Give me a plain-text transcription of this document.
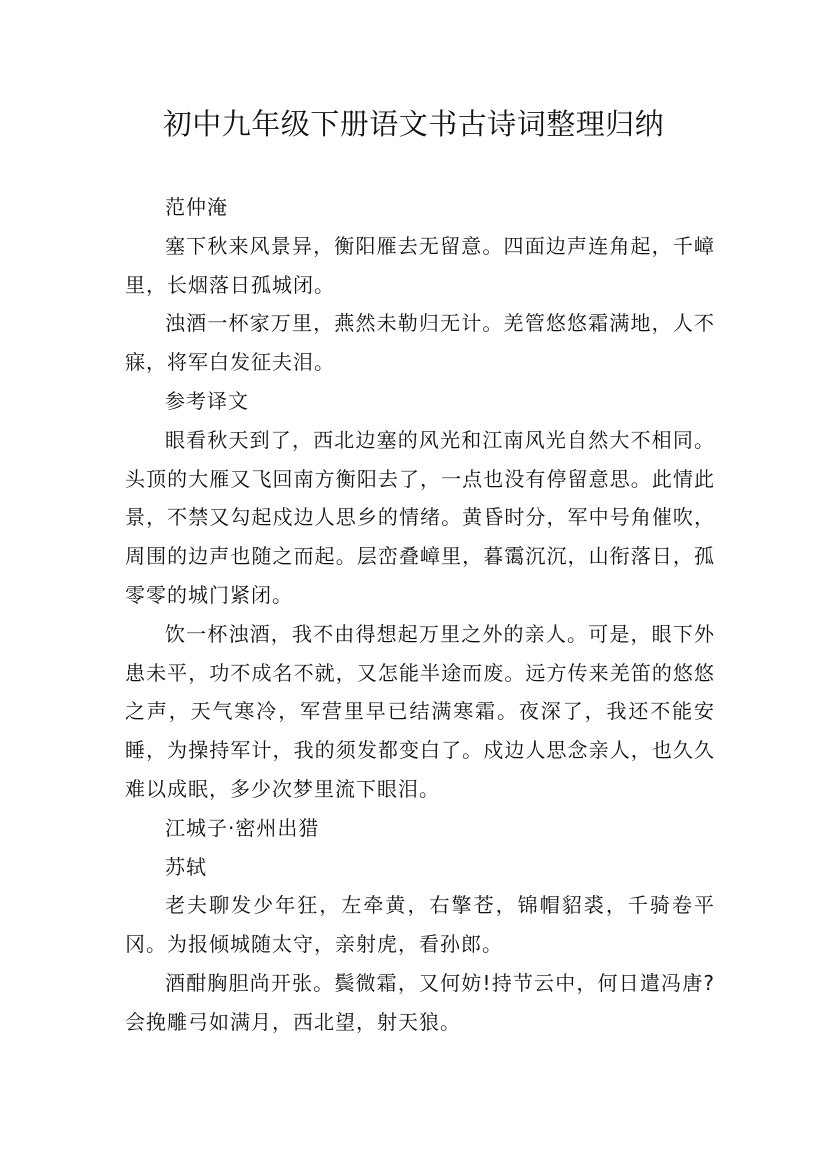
初中九年级下册语文书古诗词整理归纳

范仲淹

塞下秋来风景异，衡阳雁去无留意。四面边声连角起，千嶂里，长烟落日孤城闭。

浊酒一杯家万里，燕然未勒归无计。羌管悠悠霜满地，人不寐，将军白发征夫泪。

参考译文

眼看秋天到了，西北边塞的风光和江南风光自然大不相同。头顶的大雁又飞回南方衡阳去了，一点也没有停留意思。此情此景，不禁又勾起戍边人思乡的情绪。黄昏时分，军中号角催吹，周围的边声也随之而起。层峦叠嶂里，暮霭沉沉，山衔落日，孤零零的城门紧闭。

饮一杯浊酒，我不由得想起万里之外的亲人。可是，眼下外患未平，功不成名不就，又怎能半途而废。远方传来羌笛的悠悠之声，天气寒冷，军营里早已结满寒霜。夜深了，我还不能安睡，为操持军计，我的须发都变白了。戍边人思念亲人，也久久难以成眠，多少次梦里流下眼泪。

江城子·密州出猎

苏轼

老夫聊发少年狂，左牵黄，右擎苍，锦帽貂裘，千骑卷平冈。为报倾城随太守，亲射虎，看孙郎。

酒酣胸胆尚开张。鬓微霜，又何妨!持节云中，何日遣冯唐?会挽雕弓如满月，西北望，射天狼。
